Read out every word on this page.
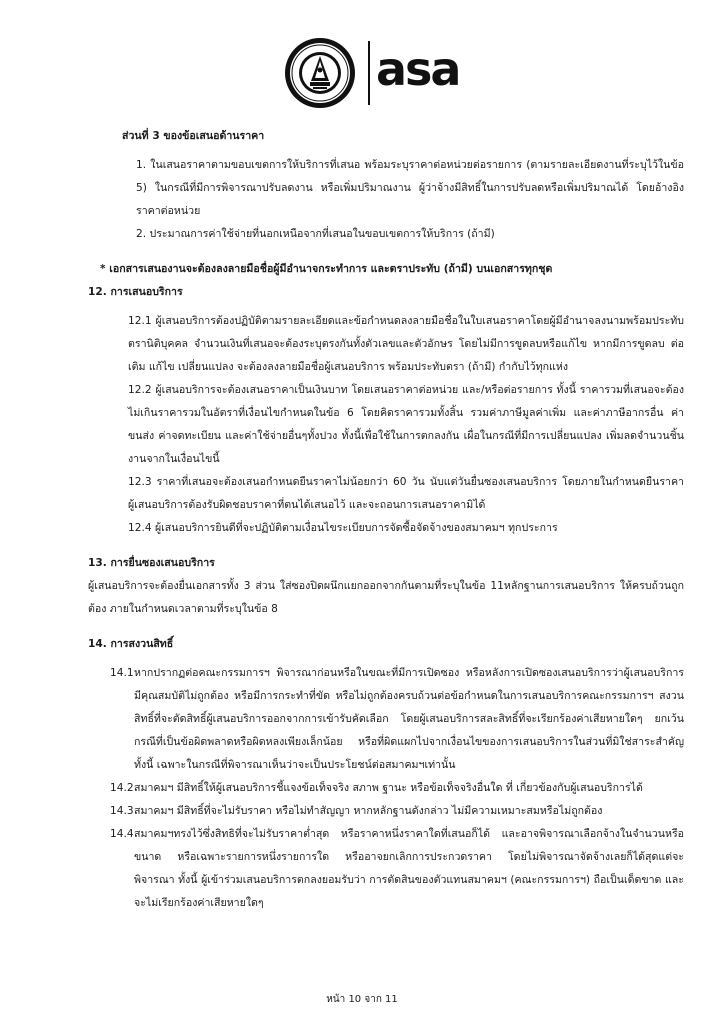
asa

ส่วนที่ 3 ของข้อเสนอด้านราคา

1. ในเสนอราคาตามขอบเขตการให้บริการที่เสนอ พร้อมระบุราคาต่อหน่วยต่อรายการ (ตามรายละเอียดงานที่ระบุไว้ในข้อ 5) ในกรณีที่มีการพิจารณาปรับลดงาน หรือเพิ่มปริมาณงาน ผู้ว่าจ้างมีสิทธิ์ในการปรับลดหรือเพิ่มปริมาณได้ โดยอ้างอิงราคาต่อหน่วย

2. ประมาณการค่าใช้จ่ายที่นอกเหนือจากที่เสนอในขอบเขตการให้บริการ (ถ้ามี)

* เอกสารเสนองานจะต้องลงลายมือชื่อผู้มีอำนาจกระทำการ และตราประทับ (ถ้ามี) บนเอกสารทุกชุด

12. การเสนอบริการ

12.1 ผู้เสนอบริการต้องปฏิบัติตามรายละเอียดและข้อกำหนดลงลายมือชื่อในใบเสนอราคาโดยผู้มีอำนาจลงนามพร้อมประทับตรานิติบุคคล จำนวนเงินที่เสนอจะต้องระบุตรงกันทั้งตัวเลขและตัวอักษร โดยไม่มีการขูดลบหรือแก้ไข หากมีการขูดลบ ต่อเติม แก้ไข เปลี่ยนแปลง จะต้องลงลายมือชื่อผู้เสนอบริการ พร้อมประทับตรา (ถ้ามี) กำกับไว้ทุกแห่ง

12.2 ผู้เสนอบริการจะต้องเสนอราคาเป็นเงินบาท โดยเสนอราคาต่อหน่วย และ/หรือต่อรายการ ทั้งนี้ ราคารวมที่เสนอจะต้องไม่เกินราคารวมในอัตราที่เงื่อนไขกำหนดในข้อ 6 โดยคิดราคารวมทั้งสิ้น รวมค่าภาษีมูลค่าเพิ่ม และค่าภาษีอากรอื่น ค่าขนส่ง ค่าจดทะเบียน และค่าใช้จ่ายอื่นๆทั้งปวง ทั้งนี้เพื่อใช้ในการตกลงกัน เผื่อในกรณีที่มีการเปลี่ยนแปลง เพิ่มลดจำนวนชิ้นงานจากในเงื่อนไขนี้

12.3 ราคาที่เสนอจะต้องเสนอกำหนดยืนราคาไม่น้อยกว่า 60 วัน นับแต่วันยื่นซองเสนอบริการ โดยภายในกำหนดยืนราคา ผู้เสนอบริการต้องรับผิดชอบราคาที่ตนได้เสนอไว้ และจะถอนการเสนอราคามิได้

12.4 ผู้เสนอบริการยินดีที่จะปฏิบัติตามเงื่อนไขระเบียบการจัดซื้อจัดจ้างของสมาคมฯ ทุกประการ

13. การยื่นซองเสนอบริการ

ผู้เสนอบริการจะต้องยื่นเอกสารทั้ง 3 ส่วน ใส่ซองปิดผนึกแยกออกจากกันตามที่ระบุในข้อ 11หลักฐานการเสนอบริการ ให้ครบถ้วนถูกต้อง ภายในกำหนดเวลาตามที่ระบุในข้อ 8

14. การสงวนสิทธิ์

14.1 หากปรากฏต่อคณะกรรมการฯ พิจารณาก่อนหรือในขณะที่มีการเปิดซอง หรือหลังการเปิดซองเสนอบริการว่าผู้เสนอบริการมีคุณสมบัติไม่ถูกต้อง หรือมีการกระทำที่ขัด หรือไม่ถูกต้องครบถ้วนต่อข้อกำหนดในการเสนอบริการคณะกรรมการฯ สงวนสิทธิ์ที่จะตัดสิทธิ์ผู้เสนอบริการออกจากการเข้ารับคัดเลือก โดยผู้เสนอบริการสละสิทธิ์ที่จะเรียกร้องค่าเสียหายใดๆ ยกเว้น กรณีที่เป็นข้อผิดพลาดหรือผิดหลงเพียงเล็กน้อย หรือที่ผิดแผกไปจากเงื่อนไขของการเสนอบริการในส่วนที่มิใช่สาระสำคัญ ทั้งนี้ เฉพาะในกรณีที่พิจารณาเห็นว่าจะเป็นประโยชน์ต่อสมาคมฯเท่านั้น

14.2 สมาคมฯ มีสิทธิ์ให้ผู้เสนอบริการชี้แจงข้อเท็จจริง สภาพ ฐานะ หรือข้อเท็จจริงอื่นใด ที่ เกี่ยวข้องกับผู้เสนอบริการได้

14.3 สมาคมฯ มีสิทธิ์ที่จะไม่รับราคา หรือไม่ทำสัญญา หากหลักฐานดังกล่าว ไม่มีความเหมาะสมหรือไม่ถูกต้อง

14.4 สมาคมฯทรงไว้ซึ่งสิทธิที่จะไม่รับราคาต่ำสุด หรือราคาหนึ่งราคาใดที่เสนอก็ได้ และอาจพิจารณาเลือกจ้างในจำนวนหรือขนาด หรือเฉพาะรายการหนึ่งรายการใด หรืออาจยกเลิกการประกวดราคา โดยไม่พิจารณาจัดจ้างเลยก็ได้สุดแต่จะพิจารณา ทั้งนี้ ผู้เข้าร่วมเสนอบริการตกลงยอมรับว่า การตัดสินของตัวแทนสมาคมฯ (คณะกรรมการฯ) ถือเป็นเด็ดขาด และจะไม่เรียกร้องค่าเสียหายใดๆ

หน้า 10 จาก 11
